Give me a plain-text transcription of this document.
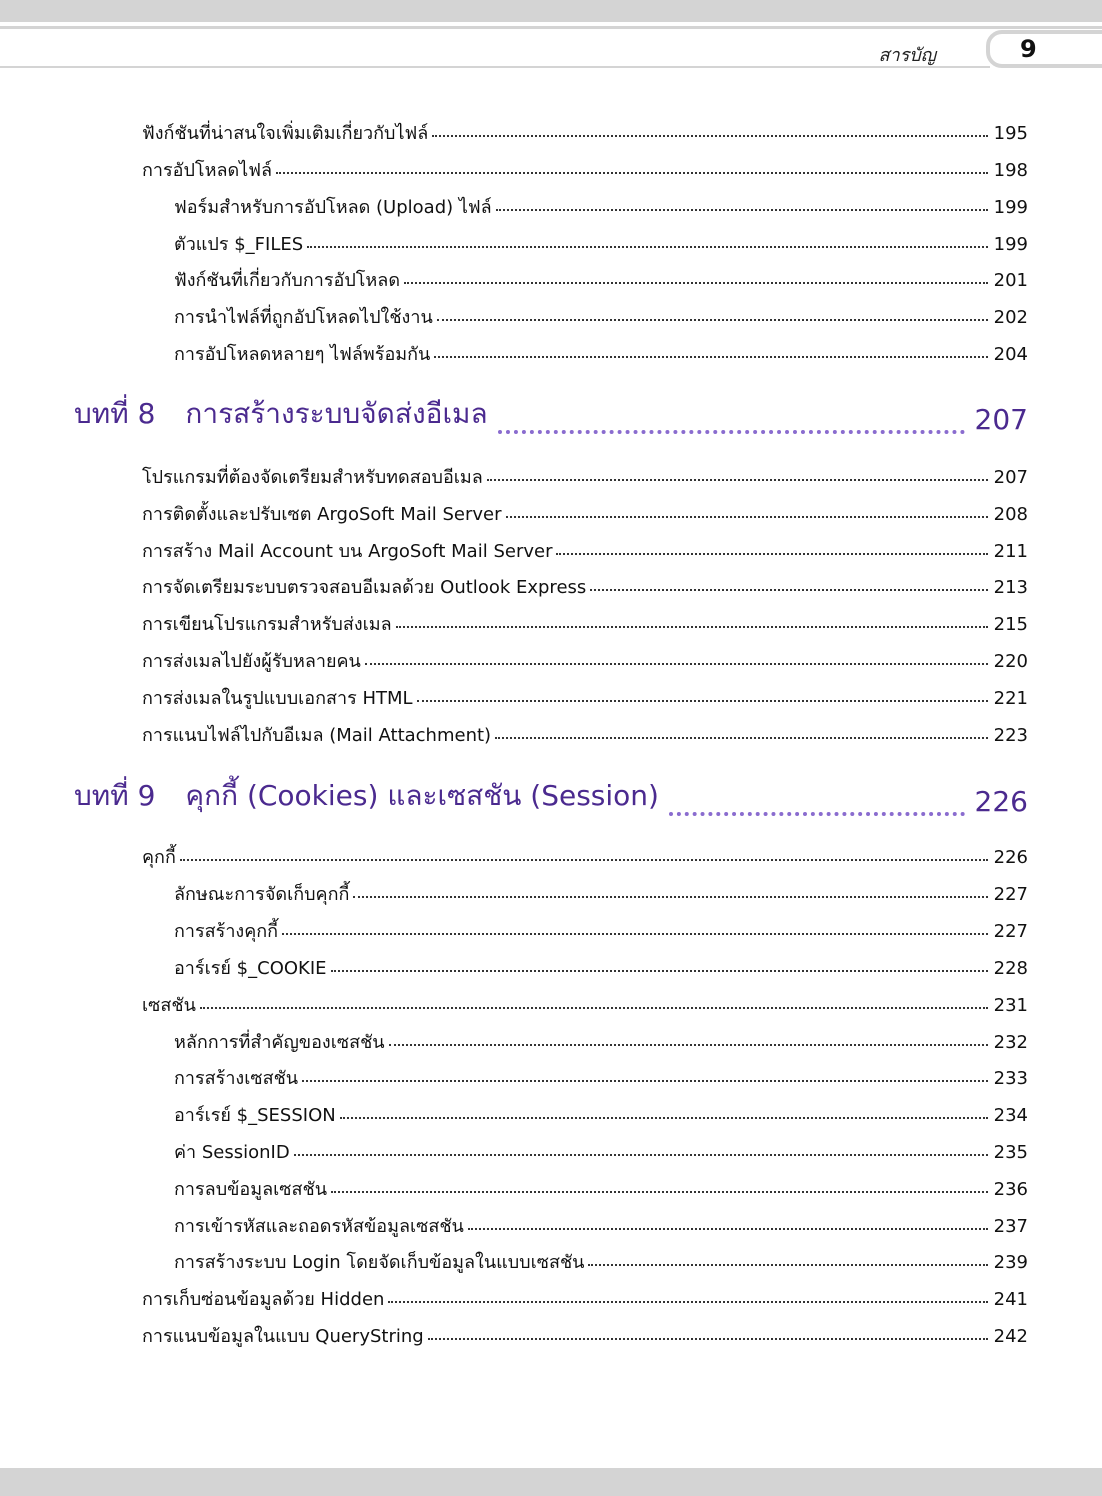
สารบัญ	9
ฟังก์ชันที่น่าสนใจเพิ่มเติมเกี่ยวกับไฟล์	195
การอัปโหลดไฟล์	198
ฟอร์มสำหรับการอัปโหลด (Upload) ไฟล์	199
ตัวแปร $_FILES	199
ฟังก์ชันที่เกี่ยวกับการอัปโหลด	201
การนำไฟล์ที่ถูกอัปโหลดไปใช้งาน	202
การอัปโหลดหลายๆ ไฟล์พร้อมกัน	204
บทที่ 8 การสร้างระบบจัดส่งอีเมล	207
โปรแกรมที่ต้องจัดเตรียมสำหรับทดสอบอีเมล	207
การติดตั้งและปรับเซต ArgoSoft Mail Server	208
การสร้าง Mail Account บน ArgoSoft Mail Server	211
การจัดเตรียมระบบตรวจสอบอีเมลด้วย Outlook Express	213
การเขียนโปรแกรมสำหรับส่งเมล	215
การส่งเมลไปยังผู้รับหลายคน	220
การส่งเมลในรูปแบบเอกสาร HTML	221
การแนบไฟล์ไปกับอีเมล (Mail Attachment)	223
บทที่ 9 คุกกี้ (Cookies) และเซสชัน (Session)	226
คุกกี้	226
ลักษณะการจัดเก็บคุกกี้	227
การสร้างคุกกี้	227
อาร์เรย์ $_COOKIE	228
เซสชัน	231
หลักการที่สำคัญของเซสชัน	232
การสร้างเซสชัน	233
อาร์เรย์ $_SESSION	234
ค่า SessionID	235
การลบข้อมูลเซสชัน	236
การเข้ารหัสและถอดรหัสข้อมูลเซสชัน	237
การสร้างระบบ Login โดยจัดเก็บข้อมูลในแบบเซสชัน	239
การเก็บซ่อนข้อมูลด้วย Hidden	241
การแนบข้อมูลในแบบ QueryString	242
